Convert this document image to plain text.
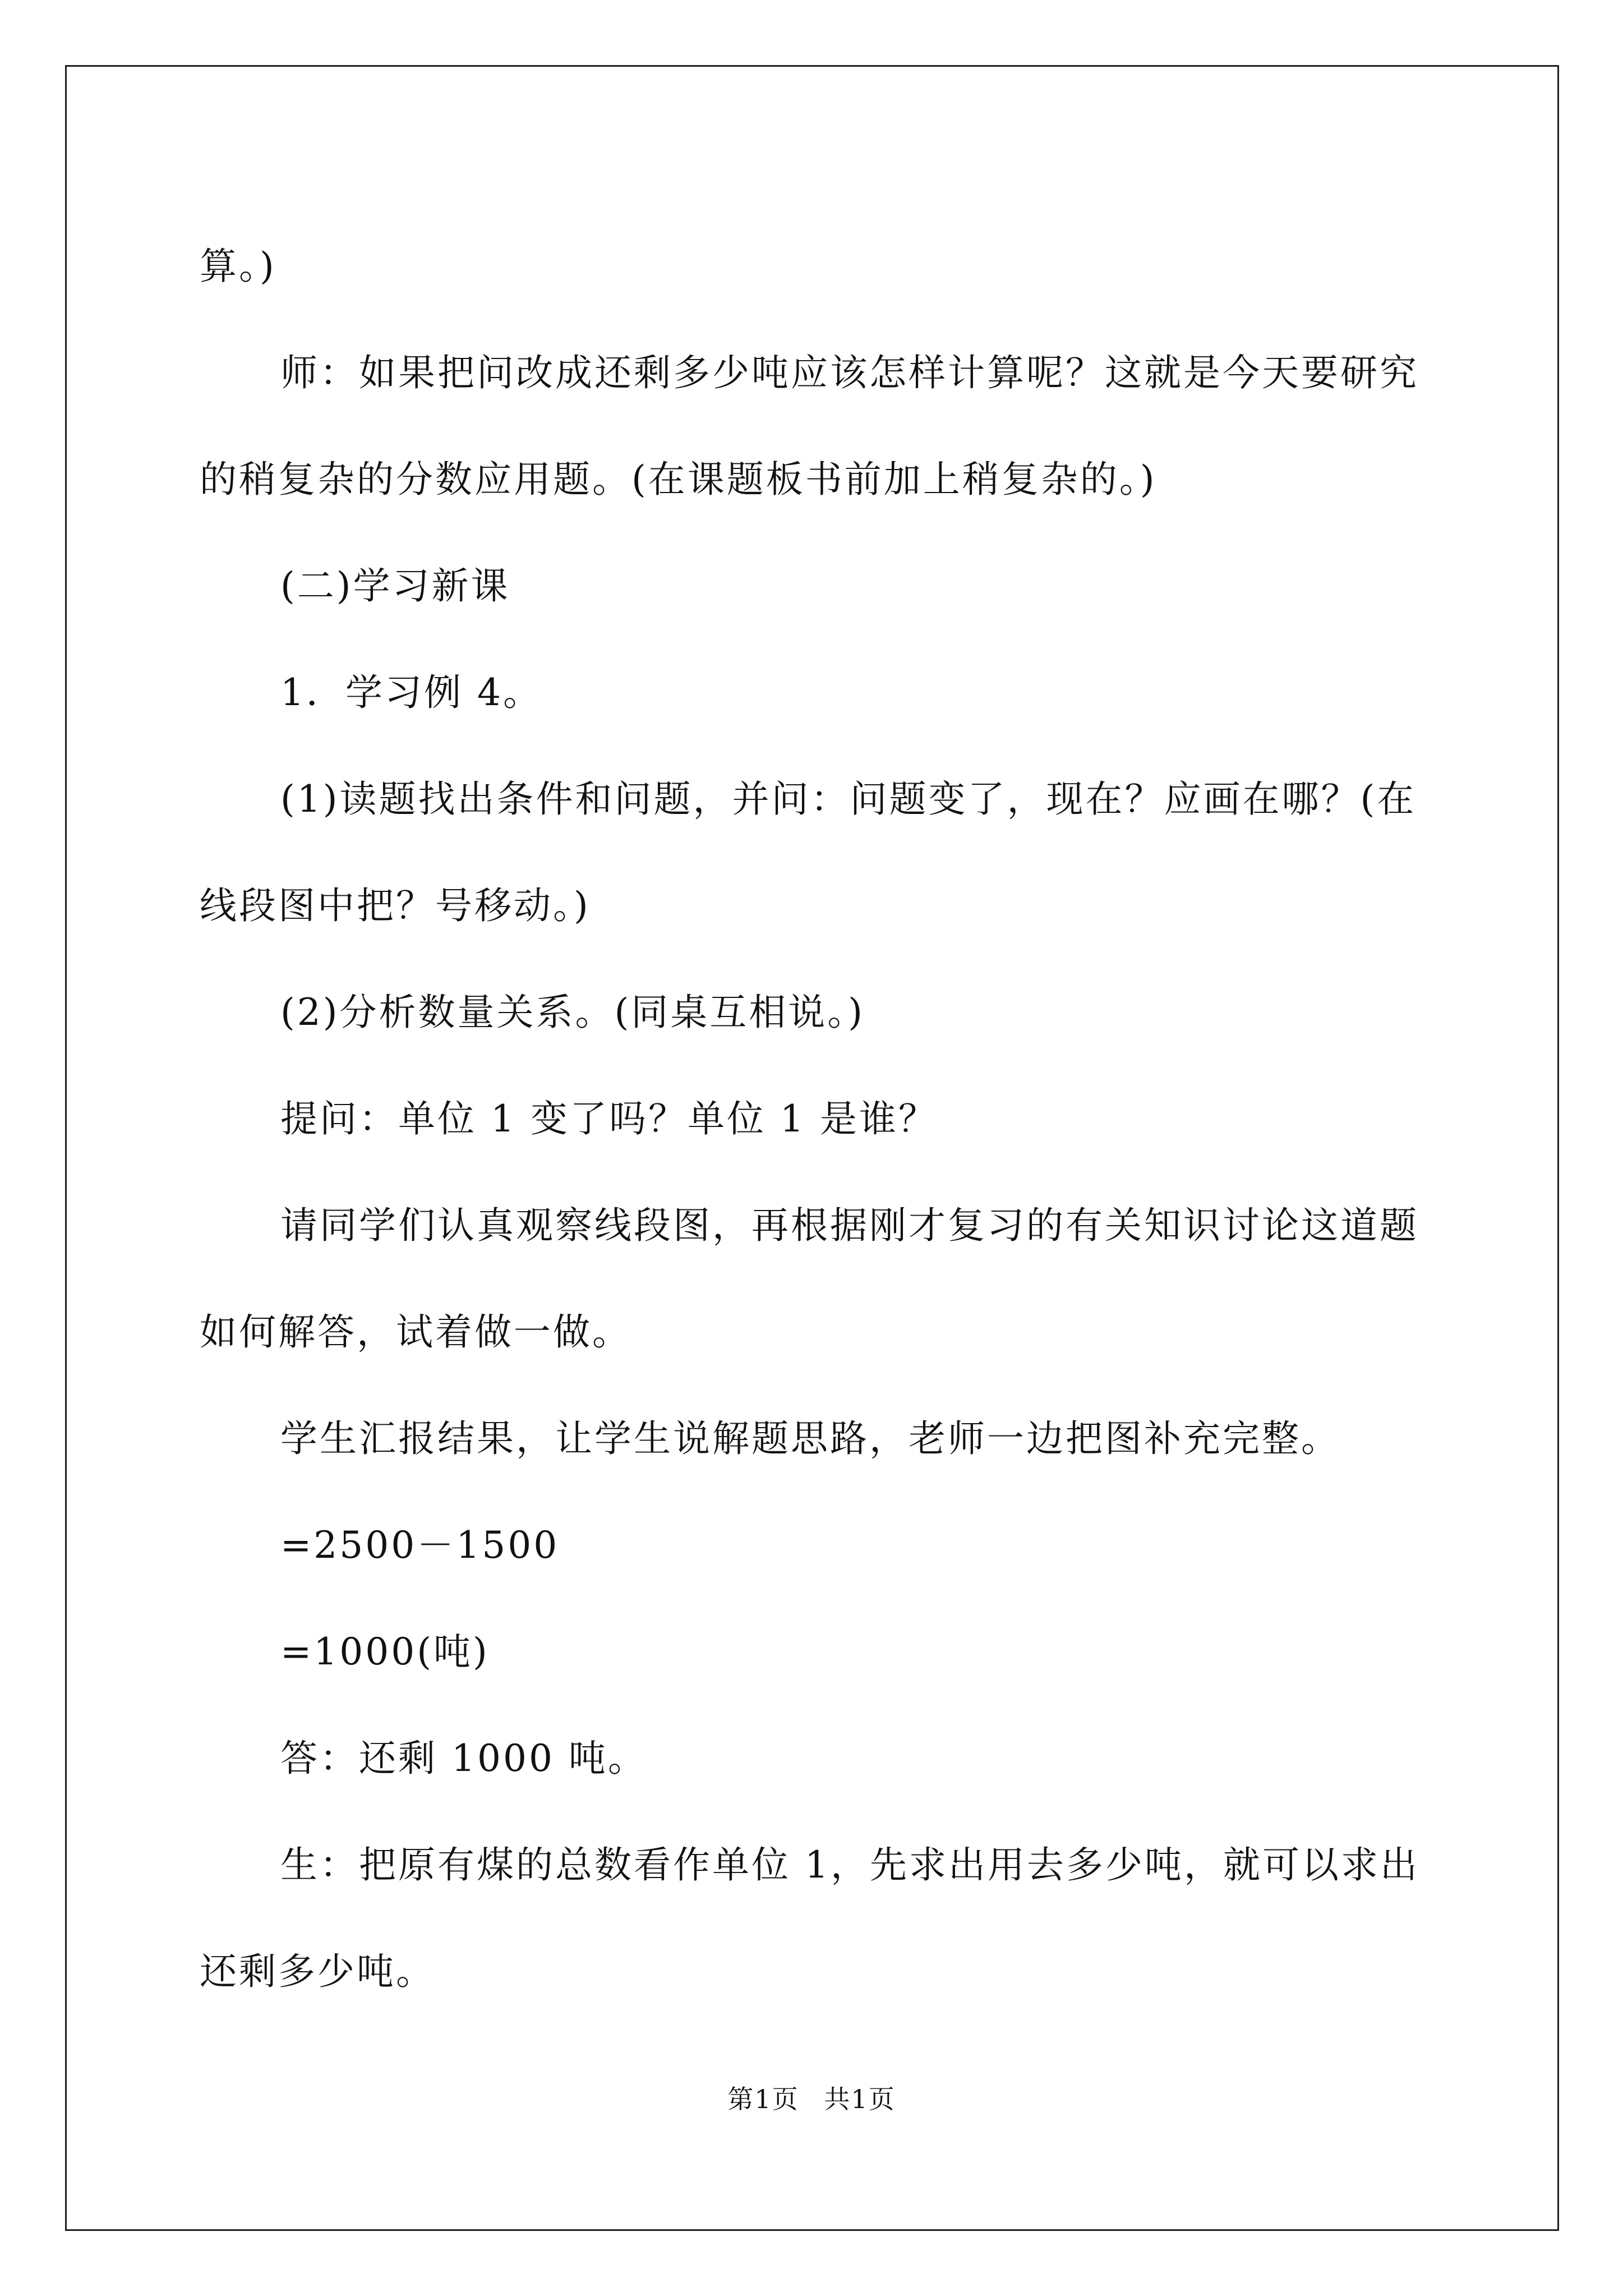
算。)

师：如果把问改成还剩多少吨应该怎样计算呢？这就是今天要研究的稍复杂的分数应用题。(在课题板书前加上稍复杂的。)

(二)学习新课

1．学习例 4。

(1)读题找出条件和问题，并问：问题变了，现在？应画在哪？(在线段图中把？号移动。)

(2)分析数量关系。(同桌互相说。)

提问：单位 1 变了吗？单位 1 是谁？

请同学们认真观察线段图，再根据刚才复习的有关知识讨论这道题如何解答，试着做一做。

学生汇报结果，让学生说解题思路，老师一边把图补充完整。

=2500－1500

=1000(吨)

答：还剩 1000 吨。

生：把原有煤的总数看作单位 1，先求出用去多少吨，就可以求出还剩多少吨。

第1页 共1页
